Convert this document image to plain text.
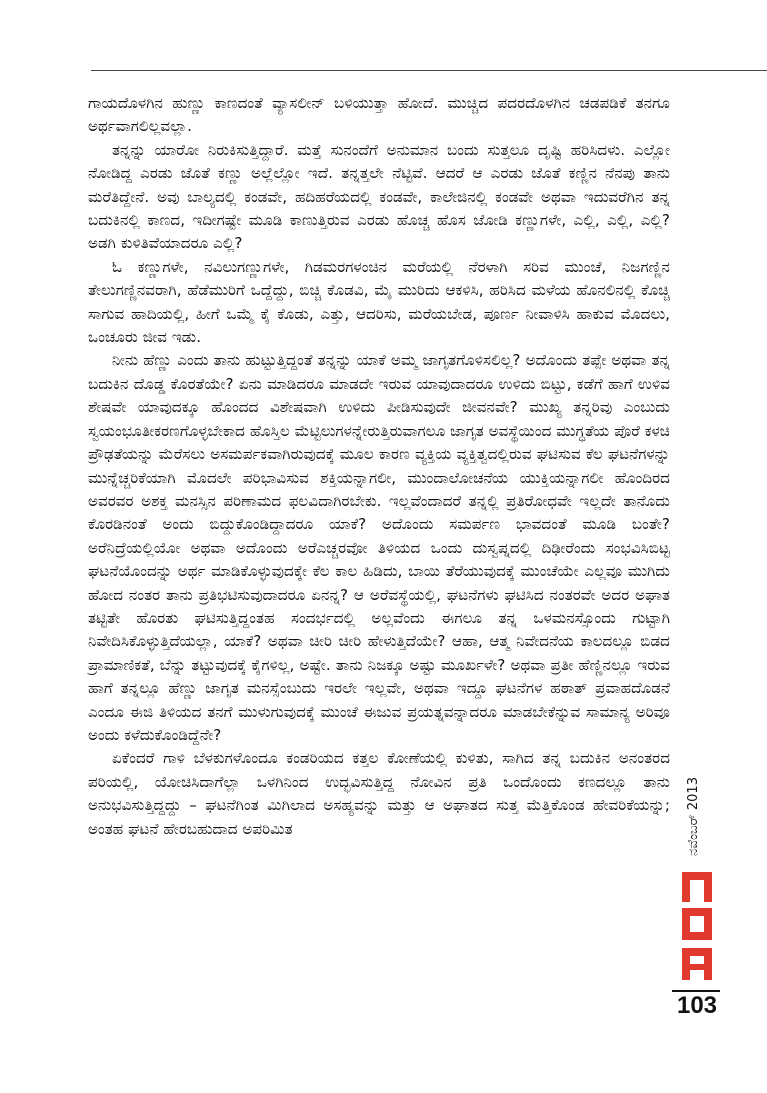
ಗಾಯದೊಳಗಿನ ಹುಣ್ಣು ಕಾಣದಂತೆ ವ್ಯಾಸಲೀನ್ ಬಳಿಯುತ್ತಾ ಹೋದೆ. ಮುಚ್ಚಿದ ಪದರದೊಳಗಿನ ಚಡಪಡಿಕೆ ತನಗೂ ಅರ್ಥವಾಗಲಿಲ್ಲವಲ್ಲಾ.

ತನ್ನನ್ನು ಯಾರೋ ನಿರುಕಿಸುತ್ತಿದ್ದಾರೆ. ಮತ್ತೆ ಸುನಂದೆಗೆ ಅನುಮಾನ ಬಂದು ಸುತ್ತಲೂ ದೃಷ್ಟಿ ಹರಿಸಿದಳು. ಎಲ್ಲೋ ನೋಡಿದ್ದ ಎರಡು ಜೊತೆ ಕಣ್ಣು ಅಲ್ಲೆಲ್ಲೋ ಇದೆ. ತನ್ನತ್ತಲೇ ನೆಟ್ಟಿವೆ. ಆದರೆ ಆ ಎರಡು ಜೊತೆ ಕಣ್ಣಿನ ನೆನಪು ತಾನು ಮರೆತಿದ್ದೇನೆ. ಅವು ಬಾಲ್ಯದಲ್ಲಿ ಕಂಡವೇ, ಹದಿಹರೆಯದಲ್ಲಿ ಕಂಡವೇ, ಕಾಲೇಜಿನಲ್ಲಿ ಕಂಡವೇ ಅಥವಾ ಇದುವರೆಗಿನ ತನ್ನ ಬದುಕಿನಲ್ಲಿ ಕಾಣದ, ಇದೀಗಷ್ಟೇ ಮೂಡಿ ಕಾಣುತ್ತಿರುವ ಎರಡು ಹೊಚ್ಚ ಹೊಸ ಜೋಡಿ ಕಣ್ಣುಗಳೇ, ಎಲ್ಲಿ, ಎಲ್ಲಿ, ಎಲ್ಲಿ? ಅಡಗಿ ಕುಳಿತಿವೆಯಾದರೂ ಎಲ್ಲಿ?

ಓ ಕಣ್ಣುಗಳೇ, ನವಿಲುಗಣ್ಣುಗಳೇ, ಗಿಡಮರಗಳಂಚಿನ ಮರೆಯಲ್ಲಿ ನೆರಳಾಗಿ ಸರಿವ ಮುಂಚೆ, ನಿಜಗಣ್ಣಿನ ತೇಲುಗಣ್ಣಿನವರಾಗಿ, ಹೆಡೆಮುರಿಗೆ ಒದ್ದೆದ್ದು, ಬಿಚ್ಚಿ ಕೊಡವಿ, ಮೈ ಮುರಿದು ಆಕಳಿಸಿ, ಹರಿಸಿದ ಮಳೆಯ ಹೊನಲಿನಲ್ಲಿ ಕೊಚ್ಚಿ ಸಾಗುವ ಹಾದಿಯಲ್ಲಿ, ಹೀಗೆ ಒಮ್ಮೆ ಕೈ ಕೊಡು, ಎತ್ತು, ಆದರಿಸು, ಮರೆಯಬೇಡ, ಪೂರ್ಣ ನೀವಾಳಿಸಿ ಹಾಕುವ ಮೊದಲು, ಒಂಚೂರು ಜೀವ ಇಡು.

ನೀನು ಹೆಣ್ಣು ಎಂದು ತಾನು ಹುಟ್ಟುತ್ತಿದ್ದಂತೆ ತನ್ನನ್ನು ಯಾಕೆ ಅಮ್ಮ ಜಾಗೃತಗೊಳಿಸಲಿಲ್ಲ? ಅದೊಂದು ತಪ್ಪೇ ಅಥವಾ ತನ್ನ ಬದುಕಿನ ದೊಡ್ಡ ಕೊರತೆಯೇ? ಏನು ಮಾಡಿದರೂ ಮಾಡದೇ ಇರುವ ಯಾವುದಾದರೂ ಉಳಿದು ಬಿಟ್ಟು, ಕಡೆಗೆ ಹಾಗೆ ಉಳಿವ ಶೇಷವೇ ಯಾವುದಕ್ಕೂ ಹೊಂದದ ವಿಶೇಷವಾಗಿ ಉಳಿದು ಪೀಡಿಸುವುದೇ ಜೀವನವೇ? ಮುಖ್ಯ ತನ್ನರಿವು ಎಂಬುದು ಸ್ವಯಂಭೂತೀಕರಣಗೊಳ್ಳಬೇಕಾದ ಹೊಸ್ತಿಲ ಮೆಟ್ಟಿಲುಗಳನ್ನೇರುತ್ತಿರುವಾಗಲೂ ಜಾಗೃತ ಅವಸ್ಥೆಯಿಂದ ಮುಗ್ಧತೆಯ ಪೊರೆ ಕಳಚಿ ಪ್ರೌಢತೆಯನ್ನು ಮೆರೆಸಲು ಅಸಮರ್ಪಕವಾಗಿರುವುದಕ್ಕೆ ಮೂಲ ಕಾರಣ ವ್ಯಕ್ತಿಯ ವ್ಯಕ್ತಿತ್ವದಲ್ಲಿರುವ ಘಟಿಸುವ ಕೆಲ ಘಟನೆಗಳನ್ನು ಮುನ್ನೆಚ್ಚರಿಕೆಯಾಗಿ ಮೊದಲೇ ಪರಿಭಾವಿಸುವ ಶಕ್ತಿಯನ್ನಾಗಲೀ, ಮುಂದಾಲೋಚನೆಯ ಯುಕ್ತಿಯನ್ನಾಗಲೀ ಹೊಂದಿರದ ಅವರವರ ಅಶಕ್ತ ಮನಸ್ಸಿನ ಪರಿಣಾಮದ ಫಲವಿದಾಗಿರಬೇಕು. ಇಲ್ಲವೆಂದಾದರೆ ತನ್ನಲ್ಲಿ ಪ್ರತಿರೋಧವೇ ಇಲ್ಲದೇ ತಾನೊದು ಕೊರಡಿನಂತೆ ಅಂದು ಬಿದ್ದುಕೊಂಡಿದ್ದಾದರೂ ಯಾಕೆ? ಅದೊಂದು ಸಮರ್ಪಣ ಭಾವದಂತೆ ಮೂಡಿ ಬಂತೇ? ಅರೆನಿದ್ರೆಯಲ್ಲಿಯೋ ಅಥವಾ ಅದೊಂದು ಅರೆಎಚ್ಚರವೋ ತಿಳಿಯದ ಒಂದು ದುಸ್ವಪ್ನದಲ್ಲಿ ದಿಢೀರೆಂದು ಸಂಭವಿಸಿಬಿಟ್ಟ ಘಟನೆಯೊಂದನ್ನು ಅರ್ಥ ಮಾಡಿಕೊಳ್ಳುವುದಕ್ಕೇ ಕೆಲ ಕಾಲ ಹಿಡಿದು, ಬಾಯಿ ತೆರೆಯುವುದಕ್ಕೆ ಮುಂಚೆಯೇ ಎಲ್ಲವೂ ಮುಗಿದು ಹೋದ ನಂತರ ತಾನು ಪ್ರತಿಭಟಿಸುವುದಾದರೂ ಏನನ್ನ? ಆ ಅರೆವಸ್ಥೆಯಲ್ಲಿ, ಘಟನೆಗಳು ಘಟಿಸಿದ ನಂತರವೇ ಅದರ ಅಘಾತ ತಟ್ಟಿತೇ ಹೊರತು ಘಟಿಸುತ್ತಿದ್ದಂತಹ ಸಂದರ್ಭದಲ್ಲಿ ಅಲ್ಲವೆಂದು ಈಗಲೂ ತನ್ನ ಒಳಮನಸ್ಸೊಂದು ಗುಟ್ಟಾಗಿ ನಿವೇದಿಸಿಕೊಳ್ಳುತ್ತಿದೆಯಲ್ಲಾ, ಯಾಕೆ? ಅಥವಾ ಚೀರಿ ಚೀರಿ ಹೇಳುತ್ತಿದೆಯೇ? ಆಹಾ, ಆತ್ಮ ನಿವೇದನೆಯ ಕಾಲದಲ್ಲೂ ಬಿಡದ ಪ್ರಾಮಾಣಿಕತೆ, ಬೆನ್ನು ತಟ್ಟುವುದಕ್ಕೆ ಕೈಗಳಿಲ್ಲ, ಅಷ್ಟೇ. ತಾನು ನಿಜಕ್ಕೂ ಅಷ್ಟು ಮೂರ್ಖಳೇ? ಅಥವಾ ಪ್ರತೀ ಹೆಣ್ಣಿನಲ್ಲೂ ಇರುವ ಹಾಗೆ ತನ್ನಲ್ಲೂ ಹೆಣ್ಣು ಜಾಗೃತ ಮನಸ್ಸೆಂಬುದು ಇರಲೇ ಇಲ್ಲವೇ, ಅಥವಾ ಇದ್ದೂ ಘಟನೆಗಳ ಹಠಾತ್ ಪ್ರವಾಹದೊಡನೆ ಎಂದೂ ಈಜಿ ತಿಳಿಯದ ತನಗೆ ಮುಳುಗುವುದಕ್ಕೆ ಮುಂಚೆ ಈಜುವ ಪ್ರಯತ್ನವನ್ನಾದರೂ ಮಾಡಬೇಕೆನ್ನುವ ಸಾಮಾನ್ಯ ಅರಿವೂ ಅಂದು ಕಳೆದುಕೊಂಡಿದ್ದೆನೇ?

ಏಕೆಂದರೆ ಗಾಳಿ ಬೆಳಕುಗಳೊಂದೂ ಕಂಡರಿಯದ ಕತ್ತಲ ಕೋಣೆಯಲ್ಲಿ ಕುಳಿತು, ಸಾಗಿದ ತನ್ನ ಬದುಕಿನ ಅನಂತರದ ಪರಿಯಲ್ಲಿ, ಯೋಚಿಸಿದಾಗೆಲ್ಲಾ ಒಳಗಿನಿಂದ ಉದ್ಭವಿಸುತ್ತಿದ್ದ ನೋವಿನ ಪ್ರತಿ ಒಂದೊಂದು ಕಣದಲ್ಲೂ ತಾನು ಅನುಭವಿಸುತ್ತಿದ್ದದ್ದು – ಘಟನೆಗಿಂತ ಮಿಗಿಲಾದ ಅಸಹ್ಯವನ್ನು ಮತ್ತು ಆ ಅಘಾತದ ಸುತ್ತ ಮೆತ್ತಿಕೊಂಡ ಹೇವರಿಕೆಯನ್ನು; ಅಂತಹ ಘಟನೆ ಹೇರಬಹುದಾದ ಅಪರಿಮಿತ	ನವೆಂಬರ್ 2013
103
